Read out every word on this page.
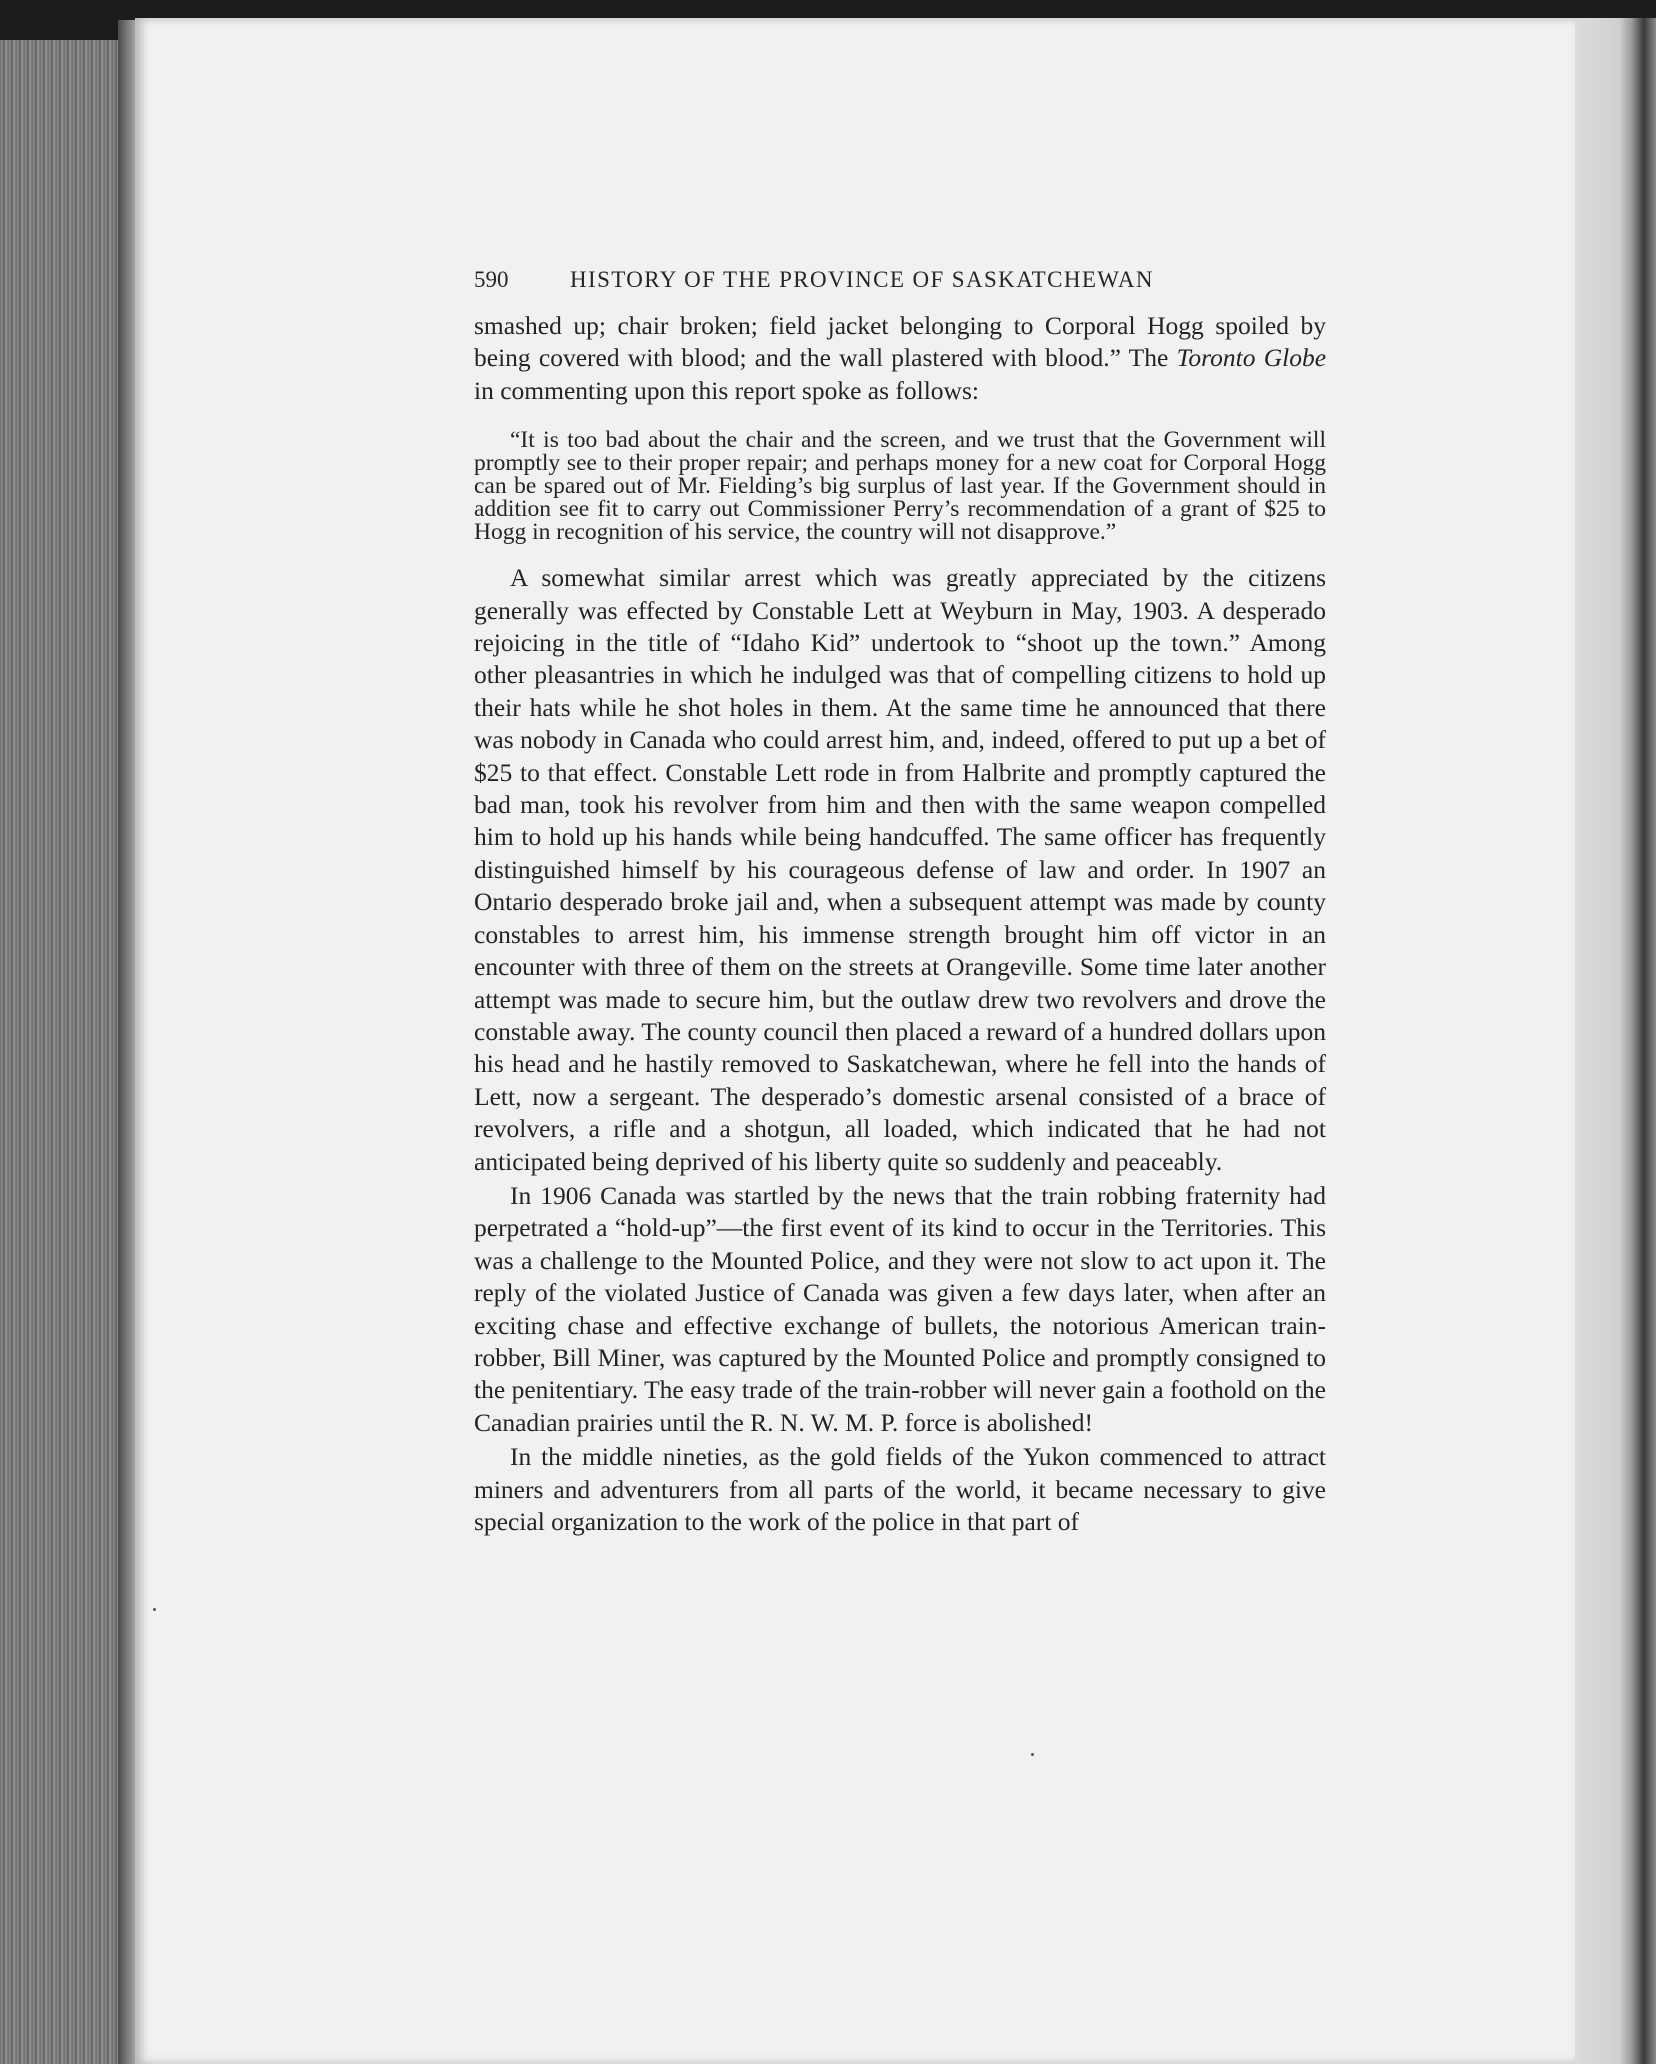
590	HISTORY OF THE PROVINCE OF SASKATCHEWAN

smashed up; chair broken; field jacket belonging to Corporal Hogg spoiled by being covered with blood; and the wall plastered with blood.” The Toronto Globe in commenting upon this report spoke as follows:

“It is too bad about the chair and the screen, and we trust that the Government will promptly see to their proper repair; and perhaps money for a new coat for Corporal Hogg can be spared out of Mr. Fielding’s big surplus of last year. If the Government should in addition see fit to carry out Commissioner Perry’s recommendation of a grant of $25 to Hogg in recognition of his service, the country will not disapprove.”

A somewhat similar arrest which was greatly appreciated by the citizens generally was effected by Constable Lett at Weyburn in May, 1903. A desperado rejoicing in the title of “Idaho Kid” undertook to “shoot up the town.” Among other pleasantries in which he indulged was that of compelling citizens to hold up their hats while he shot holes in them. At the same time he announced that there was nobody in Canada who could arrest him, and, indeed, offered to put up a bet of $25 to that effect. Constable Lett rode in from Halbrite and promptly captured the bad man, took his revolver from him and then with the same weapon compelled him to hold up his hands while being handcuffed. The same officer has frequently distinguished himself by his courageous defense of law and order. In 1907 an Ontario desperado broke jail and, when a subsequent attempt was made by county constables to arrest him, his immense strength brought him off victor in an encounter with three of them on the streets at Orangeville. Some time later another attempt was made to secure him, but the outlaw drew two revolvers and drove the constable away. The county council then placed a reward of a hundred dollars upon his head and he hastily removed to Saskatchewan, where he fell into the hands of Lett, now a sergeant. The desperado’s domestic arsenal consisted of a brace of revolvers, a rifle and a shotgun, all loaded, which indicated that he had not anticipated being deprived of his liberty quite so suddenly and peaceably.

In 1906 Canada was startled by the news that the train robbing fraternity had perpetrated a “hold-up”—the first event of its kind to occur in the Territories. This was a challenge to the Mounted Police, and they were not slow to act upon it. The reply of the violated Justice of Canada was given a few days later, when after an exciting chase and effective exchange of bullets, the notorious American train-robber, Bill Miner, was captured by the Mounted Police and promptly consigned to the penitentiary. The easy trade of the train-robber will never gain a foothold on the Canadian prairies until the R. N. W. M. P. force is abolished!

In the middle nineties, as the gold fields of the Yukon commenced to attract miners and adventurers from all parts of the world, it became necessary to give special organization to the work of the police in that part of
